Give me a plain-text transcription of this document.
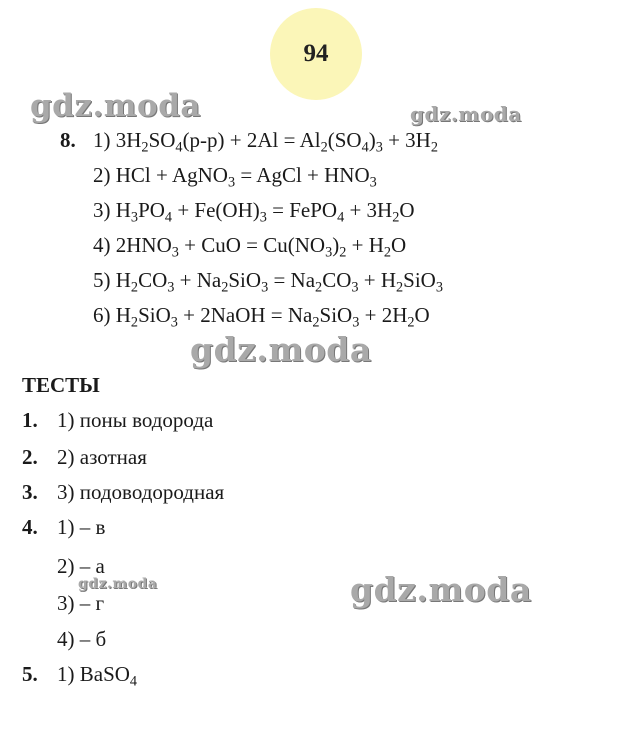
94
gdz.moda	gdz.moda
gdz.moda
gdz.moda
gdz.moda
8. 1) $3H_2SO_4(р-р) + 2Al = Al_2(SO_4)_3 + 3H_2$
2) HCl + AgNO$_3$ = AgCl + $HNO_3$
3) $H_3PO_4 + Fe(OH)_3$ = FePO$_4$ + $3H_2O$
4) $2HNO_3$ + CuO = $Cu(NO_3)_2 + H_2O$
5) $H_2CO_3 + Na_2SiO_3 = Na_2CO_3 + H_2SiO_3$
6) $H_2SiO_3$ + 2NaOH = $Na_2SiO_3 + 2H_2O$
ТЕСТЫ
1. 1) поны водорода
2. 2) азотная
3. 3) подоводородная
4. 1) – в
2) – а
3) – г
4) – б
5. 1) BaSO$_4$
